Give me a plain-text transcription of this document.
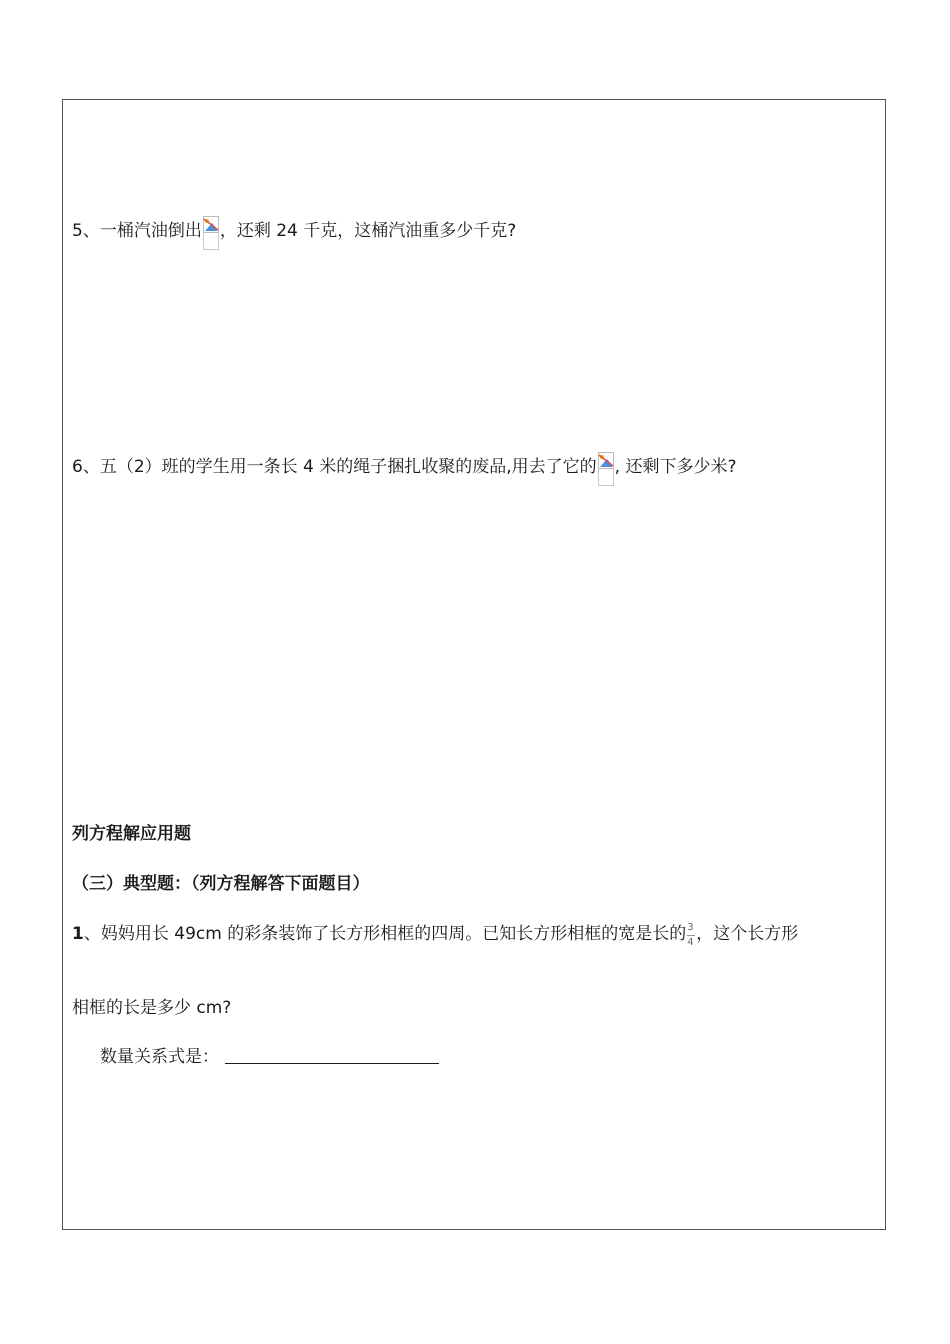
5、一桶汽油倒出 ，还剩 24 千克，这桶汽油重多少千克?
6、五（2）班的学生用一条长 4 米的绳子捆扎收聚的废品,用去了它的 , 还剩下多少米?
列方程解应用题
（三）典型题：（列方程解答下面题目）
1、妈妈用长 49cm 的彩条装饰了长方形相框的四周。已知长方形相框的宽是长的 $\frac{3}{4}$ ，这个长方形
相框的长是多少 cm?
数量关系式是：
